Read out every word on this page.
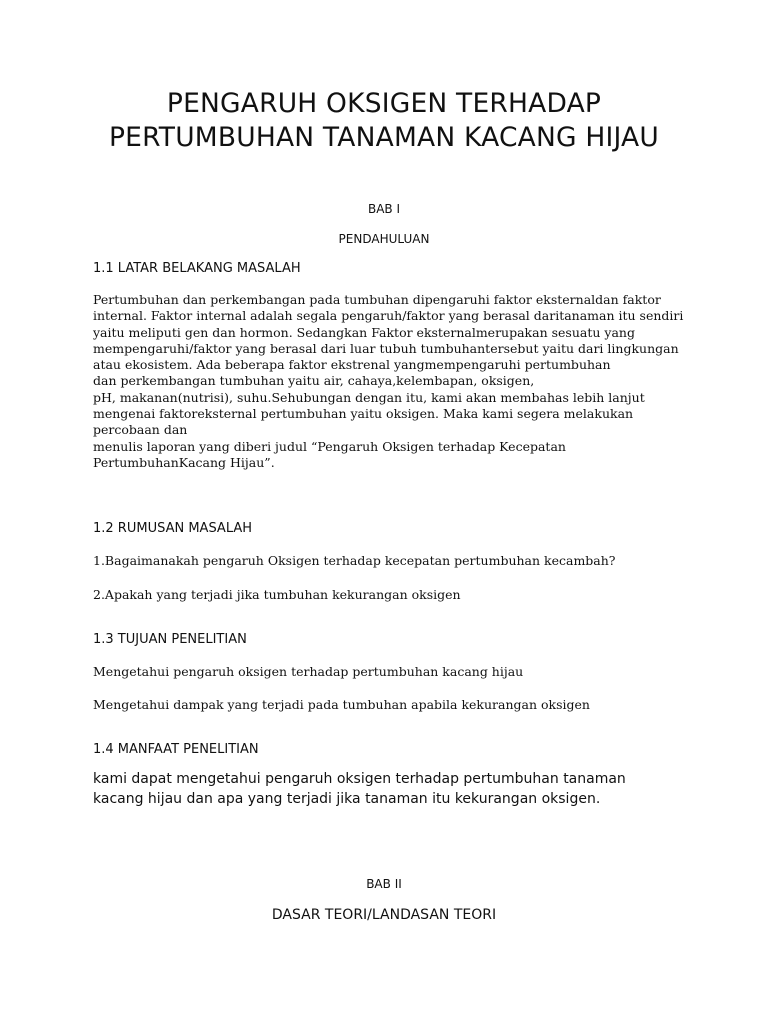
PENGARUH OKSIGEN TERHADAP
PERTUMBUHAN TANAMAN KACANG HIJAU
BAB I
PENDAHULUAN
1.1 LATAR BELAKANG MASALAH
Pertumbuhan dan perkembangan pada tumbuhan dipengaruhi faktor eksternaldan faktor
internal. Faktor internal adalah segala pengaruh/faktor yang berasal daritanaman itu sendiri
yaitu meliputi gen dan hormon. Sedangkan Faktor eksternalmerupakan sesuatu yang
mempengaruhi/faktor yang berasal dari luar tubuh tumbuhantersebut yaitu dari lingkungan
atau ekosistem. Ada beberapa faktor ekstrenal yangmempengaruhi pertumbuhan
dan perkembangan tumbuhan yaitu air, cahaya,kelembapan, oksigen,
pH, makanan(nutrisi), suhu.Sehubungan dengan itu, kami akan membahas lebih lanjut
mengenai faktoreksternal pertumbuhan yaitu oksigen. Maka kami segera melakukan
percobaan dan
menulis laporan yang diberi judul “Pengaruh Oksigen terhadap Kecepatan
PertumbuhanKacang Hijau”.
1.2 RUMUSAN MASALAH
1.Bagaimanakah pengaruh Oksigen terhadap kecepatan pertumbuhan kecambah?
2.Apakah yang terjadi jika tumbuhan kekurangan oksigen
1.3 TUJUAN PENELITIAN
Mengetahui pengaruh oksigen terhadap pertumbuhan kacang hijau
Mengetahui dampak yang terjadi pada tumbuhan apabila kekurangan oksigen
1.4 MANFAAT PENELITIAN
kami dapat mengetahui pengaruh oksigen terhadap pertumbuhan tanaman
kacang hijau dan apa yang terjadi jika tanaman itu kekurangan oksigen.
BAB II
DASAR TEORI/LANDASAN TEORI
